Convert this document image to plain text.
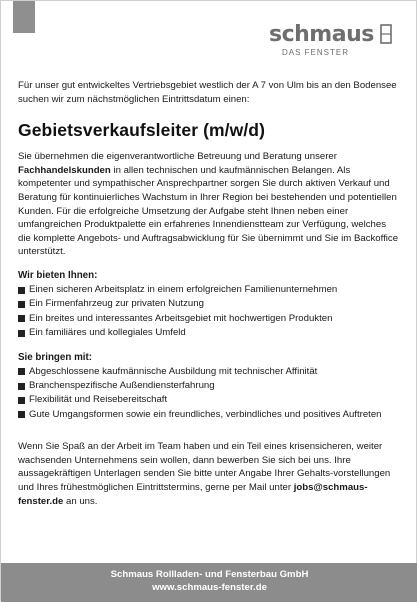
schmaus
DAS FENSTER

Für unser gut entwickeltes Vertriebsgebiet westlich der A 7 von Ulm bis an den Bodensee suchen wir zum nächstmöglichen Eintrittsdatum einen:

Gebietsverkaufsleiter (m/w/d)

Sie übernehmen die eigenverantwortliche Betreuung und Beratung unserer Fachhandelskunden in allen technischen und kaufmännischen Belangen. Als kompetenter und sympathischer Ansprechpartner sorgen Sie durch aktiven Verkauf und Beratung für kontinuierliches Wachstum in Ihrer Region bei bestehenden und potentiellen Kunden. Für die erfolgreiche Umsetzung der Aufgabe steht Ihnen neben einer umfangreichen Produktpalette ein erfahrenes Innendienstteam zur Verfügung, welches die komplette Angebots- und Auftragsabwicklung für Sie übernimmt und Sie im Backoffice unterstützt.

Wir bieten Ihnen:
Einen sicheren Arbeitsplatz in einem erfolgreichen Familienunternehmen
Ein Firmenfahrzeug zur privaten Nutzung
Ein breites und interessantes Arbeitsgebiet mit hochwertigen Produkten
Ein familiäres und kollegiales Umfeld
Sie bringen mit:
Abgeschlossene kaufmännische Ausbildung mit technischer Affinität
Branchenspezifische Außendiensterfahrung
Flexibilität und Reisebereitschaft
Gute Umgangsformen sowie ein freundliches, verbindliches und positives Auftreten

Wenn Sie Spaß an der Arbeit im Team haben und ein Teil eines krisensicheren, weiter wachsenden Unternehmens sein wollen, dann bewerben Sie sich bei uns. Ihre aussagekräftigen Unterlagen senden Sie bitte unter Angabe Ihrer Gehalts-vorstellungen und Ihres frühestmöglichen Eintrittstermins, gerne per Mail unter jobs@schmaus-fenster.de an uns.

Schmaus Rollladen- und Fensterbau GmbH
www.schmaus-fenster.de
